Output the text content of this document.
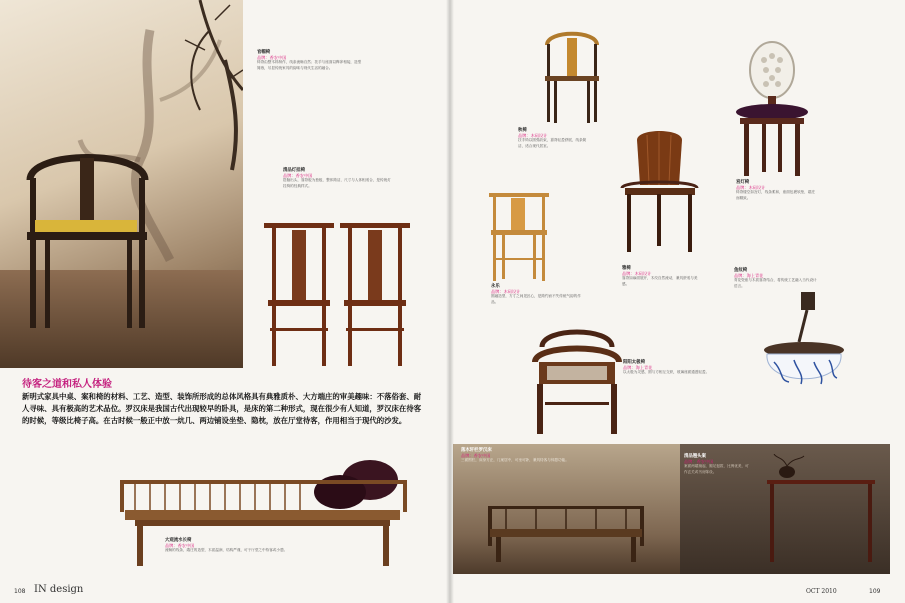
官帽椅
品牌：香农中国
椅背由整木料制作，线条流畅自然；扶手与座面以榫卯相接，造型简练，尽显传统家具的韵味与现代生活的融合。
清品灯挂椅
品牌：香农中国
搭脑出头，靠背板为独板，整体简洁，尺寸与人体相适合，是传统灯挂椅的经典样式。
待客之道和私人体验
新明式家具中桌、案和椅的材料、工艺、造型、装饰所形成的总体风格具有典雅质朴、大方端庄的审美趣味：不落俗套、耐人寻味、具有极高的艺术品位。罗汉床是我国古代出现较早的卧具，是床的第二种形式，现在很少有人知道，罗汉床在待客的时候，等级比椅子高。在古时候一般正中放一炕几、两边铺设坐垫、隐枕，放在厅堂待客，作用相当于现代的沙发。
大观流水长椅
品牌：香农中国
流畅的线条，端庄的造型，木质温润，结构严谨，可于厅堂之中待客或小憩。
108 IN design
秋椅
品牌：木码设计
扶手椅以圆弧收束，靠背轻盈舒展，线条简洁，适合现代居室。
宫灯椅
品牌：木码设计
椅背镂空如宫灯，线条柔和，座面包裹软垫，端庄而精致。
永乐
品牌：木码设计
圆融造型，方寸之间见匠心，是简约而不失传统气韵的作品。
雅椅
品牌：木码设计
靠背如扇面展开，木纹自然流动，兼具舒适与美感。
鱼纹椅
品牌：海上青花
青花瓷座与木质靠背结合，将传统工艺融入当代设计语言。
阳阳太极椅
品牌：海上青花
以太极为灵感，圆与方相互交织，玻璃座面通透轻盈。
落木轩栏罗汉床
品牌：香农中国
三面围栏，床身方正，几案居中，可坐可卧，兼具待客与休憩功能。
清品翘头案
品牌：香农中国
案面两端翘起，腿足挺拔，比例优美，可作玄关或书房陈设。
OCT 2010	109
